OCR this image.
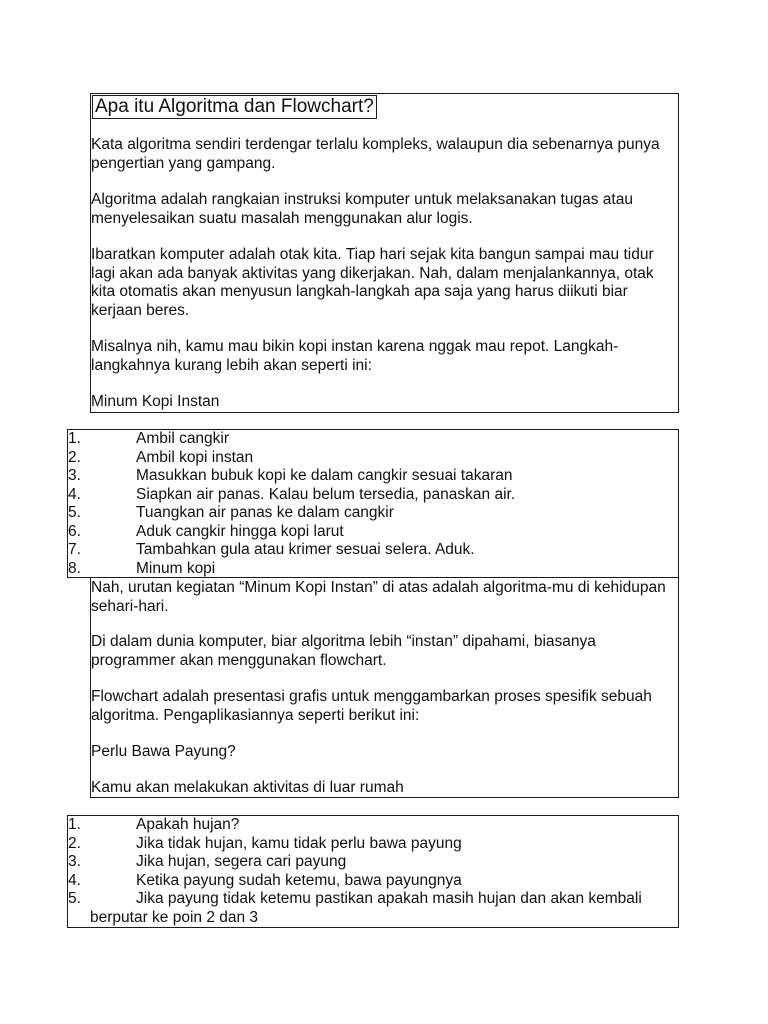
Apa itu Algoritma dan Flowchart?

Kata algoritma sendiri terdengar terlalu kompleks, walaupun dia sebenarnya punya pengertian yang gampang.

Algoritma adalah rangkaian instruksi komputer untuk melaksanakan tugas atau menyelesaikan suatu masalah menggunakan alur logis.

Ibaratkan komputer adalah otak kita. Tiap hari sejak kita bangun sampai mau tidur lagi akan ada banyak aktivitas yang dikerjakan. Nah, dalam menjalankannya, otak kita otomatis akan menyusun langkah-langkah apa saja yang harus diikuti biar kerjaan beres.

Misalnya nih, kamu mau bikin kopi instan karena nggak mau repot. Langkah-langkahnya kurang lebih akan seperti ini:

Minum Kopi Instan

1.	Ambil cangkir
2.	Ambil kopi instan
3.	Masukkan bubuk kopi ke dalam cangkir sesuai takaran
4.	Siapkan air panas. Kalau belum tersedia, panaskan air.
5.	Tuangkan air panas ke dalam cangkir
6.	Aduk cangkir hingga kopi larut
7.	Tambahkan gula atau krimer sesuai selera. Aduk.
8.	Minum kopi

Nah, urutan kegiatan “Minum Kopi Instan” di atas adalah algoritma-mu di kehidupan sehari-hari.

Di dalam dunia komputer, biar algoritma lebih “instan” dipahami, biasanya programmer akan menggunakan flowchart.

Flowchart adalah presentasi grafis untuk menggambarkan proses spesifik sebuah algoritma. Pengaplikasiannya seperti berikut ini:

Perlu Bawa Payung?

Kamu akan melakukan aktivitas di luar rumah

1.	Apakah hujan?
2.	Jika tidak hujan, kamu tidak perlu bawa payung
3.	Jika hujan, segera cari payung
4.	Ketika payung sudah ketemu, bawa payungnya
5.	Jika payung tidak ketemu pastikan apakah masih hujan dan akan kembali berputar ke poin 2 dan 3
